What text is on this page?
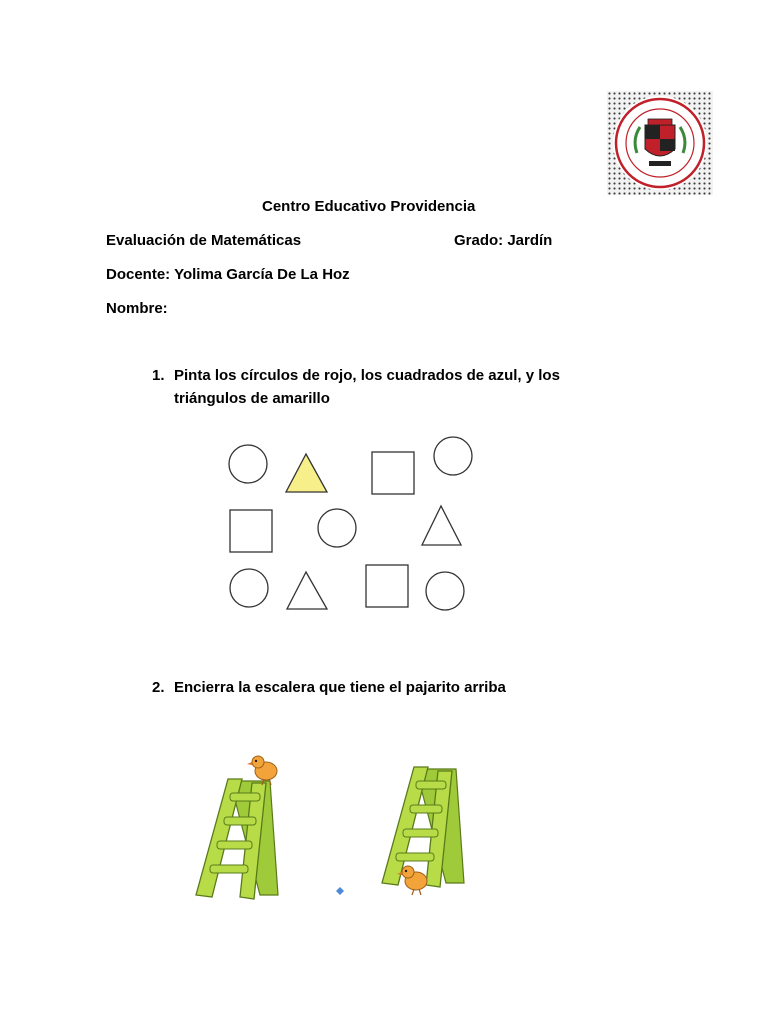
Centro Educativo Providencia
Evaluación de Matemáticas	Grado: Jardín
Docente: Yolima García De La Hoz
Nombre:
1. Pinta los círculos de rojo, los cuadrados de azul, y los
triángulos de amarillo
2. Encierra la escalera que tiene el pajarito arriba
